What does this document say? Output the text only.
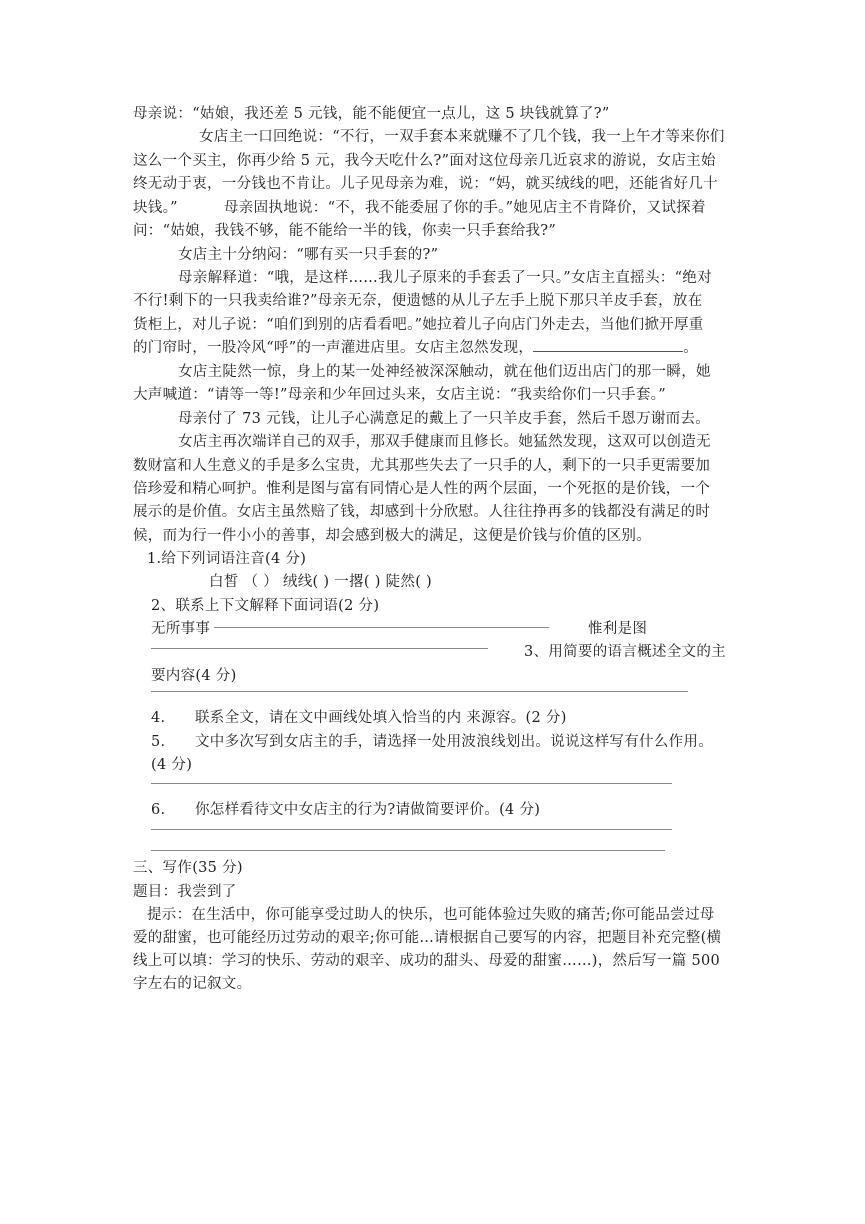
母亲说：“姑娘，我还差 5 元钱，能不能便宜一点儿，这 5 块钱就算了?”
女店主一口回绝说：“不行，一双手套本来就赚不了几个钱，我一上午才等来你们
这么一个买主，你再少给 5 元，我今天吃什么?”面对这位母亲几近哀求的游说，女店主始
终无动于衷，一分钱也不肯让。儿子见母亲为难，说：“妈，就买绒线的吧，还能省好几十
块钱。”	母亲固执地说：“不，我不能委屈了你的手。”她见店主不肯降价，又试探着
问：“姑娘，我钱不够，能不能给一半的钱，你卖一只手套给我?”
女店主十分纳闷：“哪有买一只手套的?”
母亲解释道：“哦，是这样……我儿子原来的手套丢了一只。”女店主直摇头：“绝对
不行!剩下的一只我卖给谁?”母亲无奈，便遗憾的从儿子左手上脱下那只羊皮手套，放在
货柜上，对儿子说：“咱们到别的店看看吧。”她拉着儿子向店门外走去，当他们掀开厚重
的门帘时，一股冷风“呼”的一声灌进店里。女店主忽然发现，	。
女店主陡然一惊，身上的某一处神经被深深触动，就在他们迈出店门的那一瞬，她
大声喊道：“请等一等!”母亲和少年回过头来，女店主说：“我卖给你们一只手套。”
母亲付了 73 元钱，让儿子心满意足的戴上了一只羊皮手套，然后千恩万谢而去。
女店主再次端详自己的双手，那双手健康而且修长。她猛然发现，这双可以创造无
数财富和人生意义的手是多么宝贵，尤其那些失去了一只手的人，剩下的一只手更需要加
倍珍爱和精心呵护。惟利是图与富有同情心是人性的两个层面，一个死抠的是价钱，一个
展示的是价值。女店主虽然赔了钱，却感到十分欣慰。人往往挣再多的钱都没有满足的时
候，而为行一件小小的善事，却会感到极大的满足，这便是价钱与价值的区别。
1.给下列词语注音(4 分)
白皙 （ ） 绒线( ) 一撂( ) 陡然( )
2、联系上下文解释下面词语(2 分)
无所事事	惟利是图
3、用简要的语言概述全文的主
要内容(4 分)
4. 联系全文，请在文中画线处填入恰当的内 来源容。(2 分)
5. 文中多次写到女店主的手，请选择一处用波浪线划出。说说这样写有什么作用。
(4 分)
6. 你怎样看待文中女店主的行为?请做简要评价。(4 分)
三、写作(35 分)
题目：我尝到了
提示：在生活中，你可能享受过助人的快乐，也可能体验过失败的痛苦;你可能品尝过母
爱的甜蜜，也可能经历过劳动的艰辛;你可能…请根据自己要写的内容，把题目补充完整(横
线上可以填：学习的快乐、劳动的艰辛、成功的甜头、母爱的甜蜜……)，然后写一篇 500
字左右的记叙文。
